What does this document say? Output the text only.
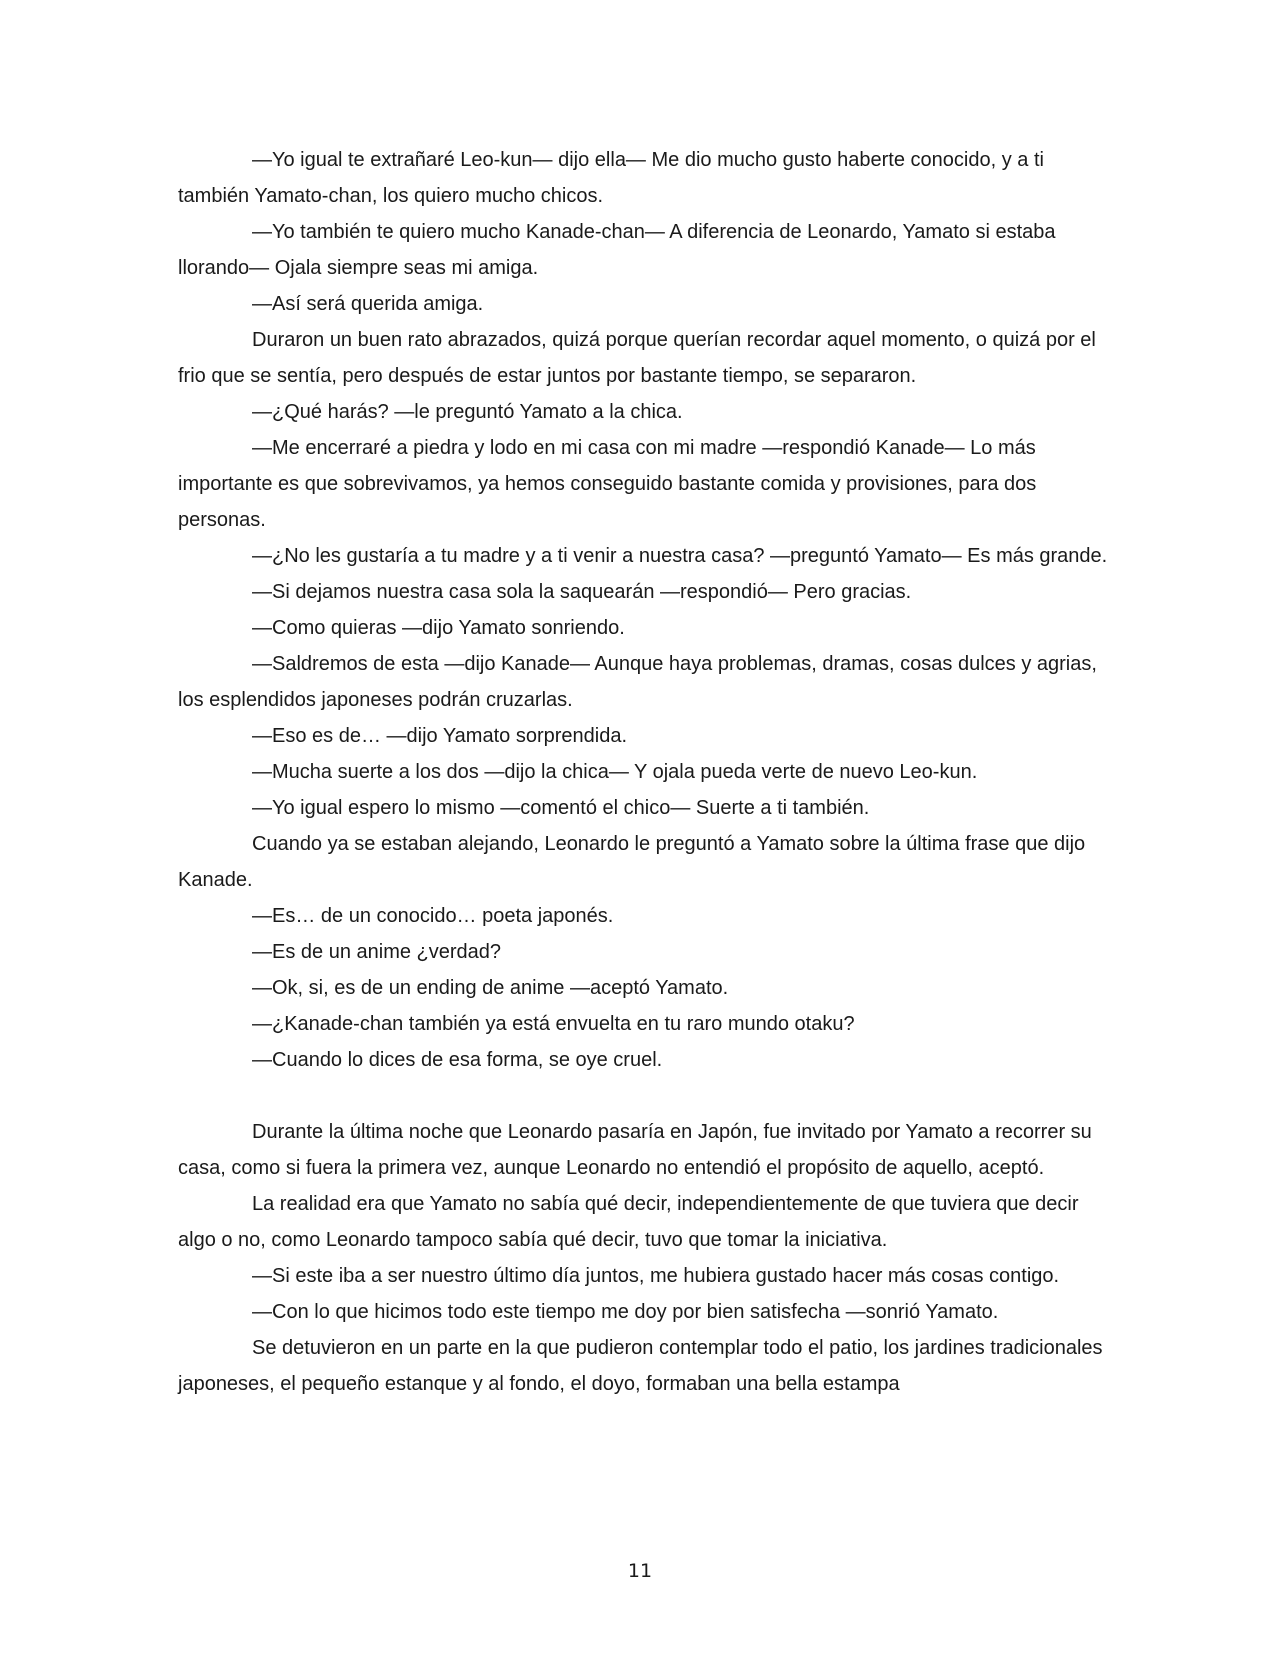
—Yo igual te extrañaré Leo-kun— dijo ella— Me dio mucho gusto haberte conocido, y a ti también Yamato-chan, los quiero mucho chicos.

—Yo también te quiero mucho Kanade-chan— A diferencia de Leonardo, Yamato si estaba llorando— Ojala siempre seas mi amiga.

—Así será querida amiga.

Duraron un buen rato abrazados, quizá porque querían recordar aquel momento, o quizá por el frio que se sentía, pero después de estar juntos por bastante tiempo, se separaron.

—¿Qué harás? —le preguntó Yamato a la chica.

—Me encerraré a piedra y lodo en mi casa con mi madre —respondió Kanade— Lo más importante es que sobrevivamos, ya hemos conseguido bastante comida y provisiones, para dos personas.

—¿No les gustaría a tu madre y a ti venir a nuestra casa? —preguntó Yamato— Es más grande.

—Si dejamos nuestra casa sola la saquearán —respondió— Pero gracias.

—Como quieras —dijo Yamato sonriendo.

—Saldremos de esta —dijo Kanade— Aunque haya problemas, dramas, cosas dulces y agrias, los esplendidos japoneses podrán cruzarlas.

—Eso es de… —dijo Yamato sorprendida.

—Mucha suerte a los dos —dijo la chica— Y ojala pueda verte de nuevo Leo-kun.

—Yo igual espero lo mismo —comentó el chico— Suerte a ti también.

Cuando ya se estaban alejando, Leonardo le preguntó a Yamato sobre la última frase que dijo Kanade.

—Es… de un conocido… poeta japonés.

—Es de un anime ¿verdad?

—Ok, si, es de un ending de anime —aceptó Yamato.

—¿Kanade-chan también ya está envuelta en tu raro mundo otaku?

—Cuando lo dices de esa forma, se oye cruel.

Durante la última noche que Leonardo pasaría en Japón, fue invitado por Yamato a recorrer su casa, como si fuera la primera vez, aunque Leonardo no entendió el propósito de aquello, aceptó.

La realidad era que Yamato no sabía qué decir, independientemente de que tuviera que decir algo o no, como Leonardo tampoco sabía qué decir, tuvo que tomar la iniciativa.

—Si este iba a ser nuestro último día juntos, me hubiera gustado hacer más cosas contigo.

—Con lo que hicimos todo este tiempo me doy por bien satisfecha —sonrió Yamato.

Se detuvieron en un parte en la que pudieron contemplar todo el patio, los jardines tradicionales japoneses, el pequeño estanque y al fondo, el doyo, formaban una bella estampa

11
